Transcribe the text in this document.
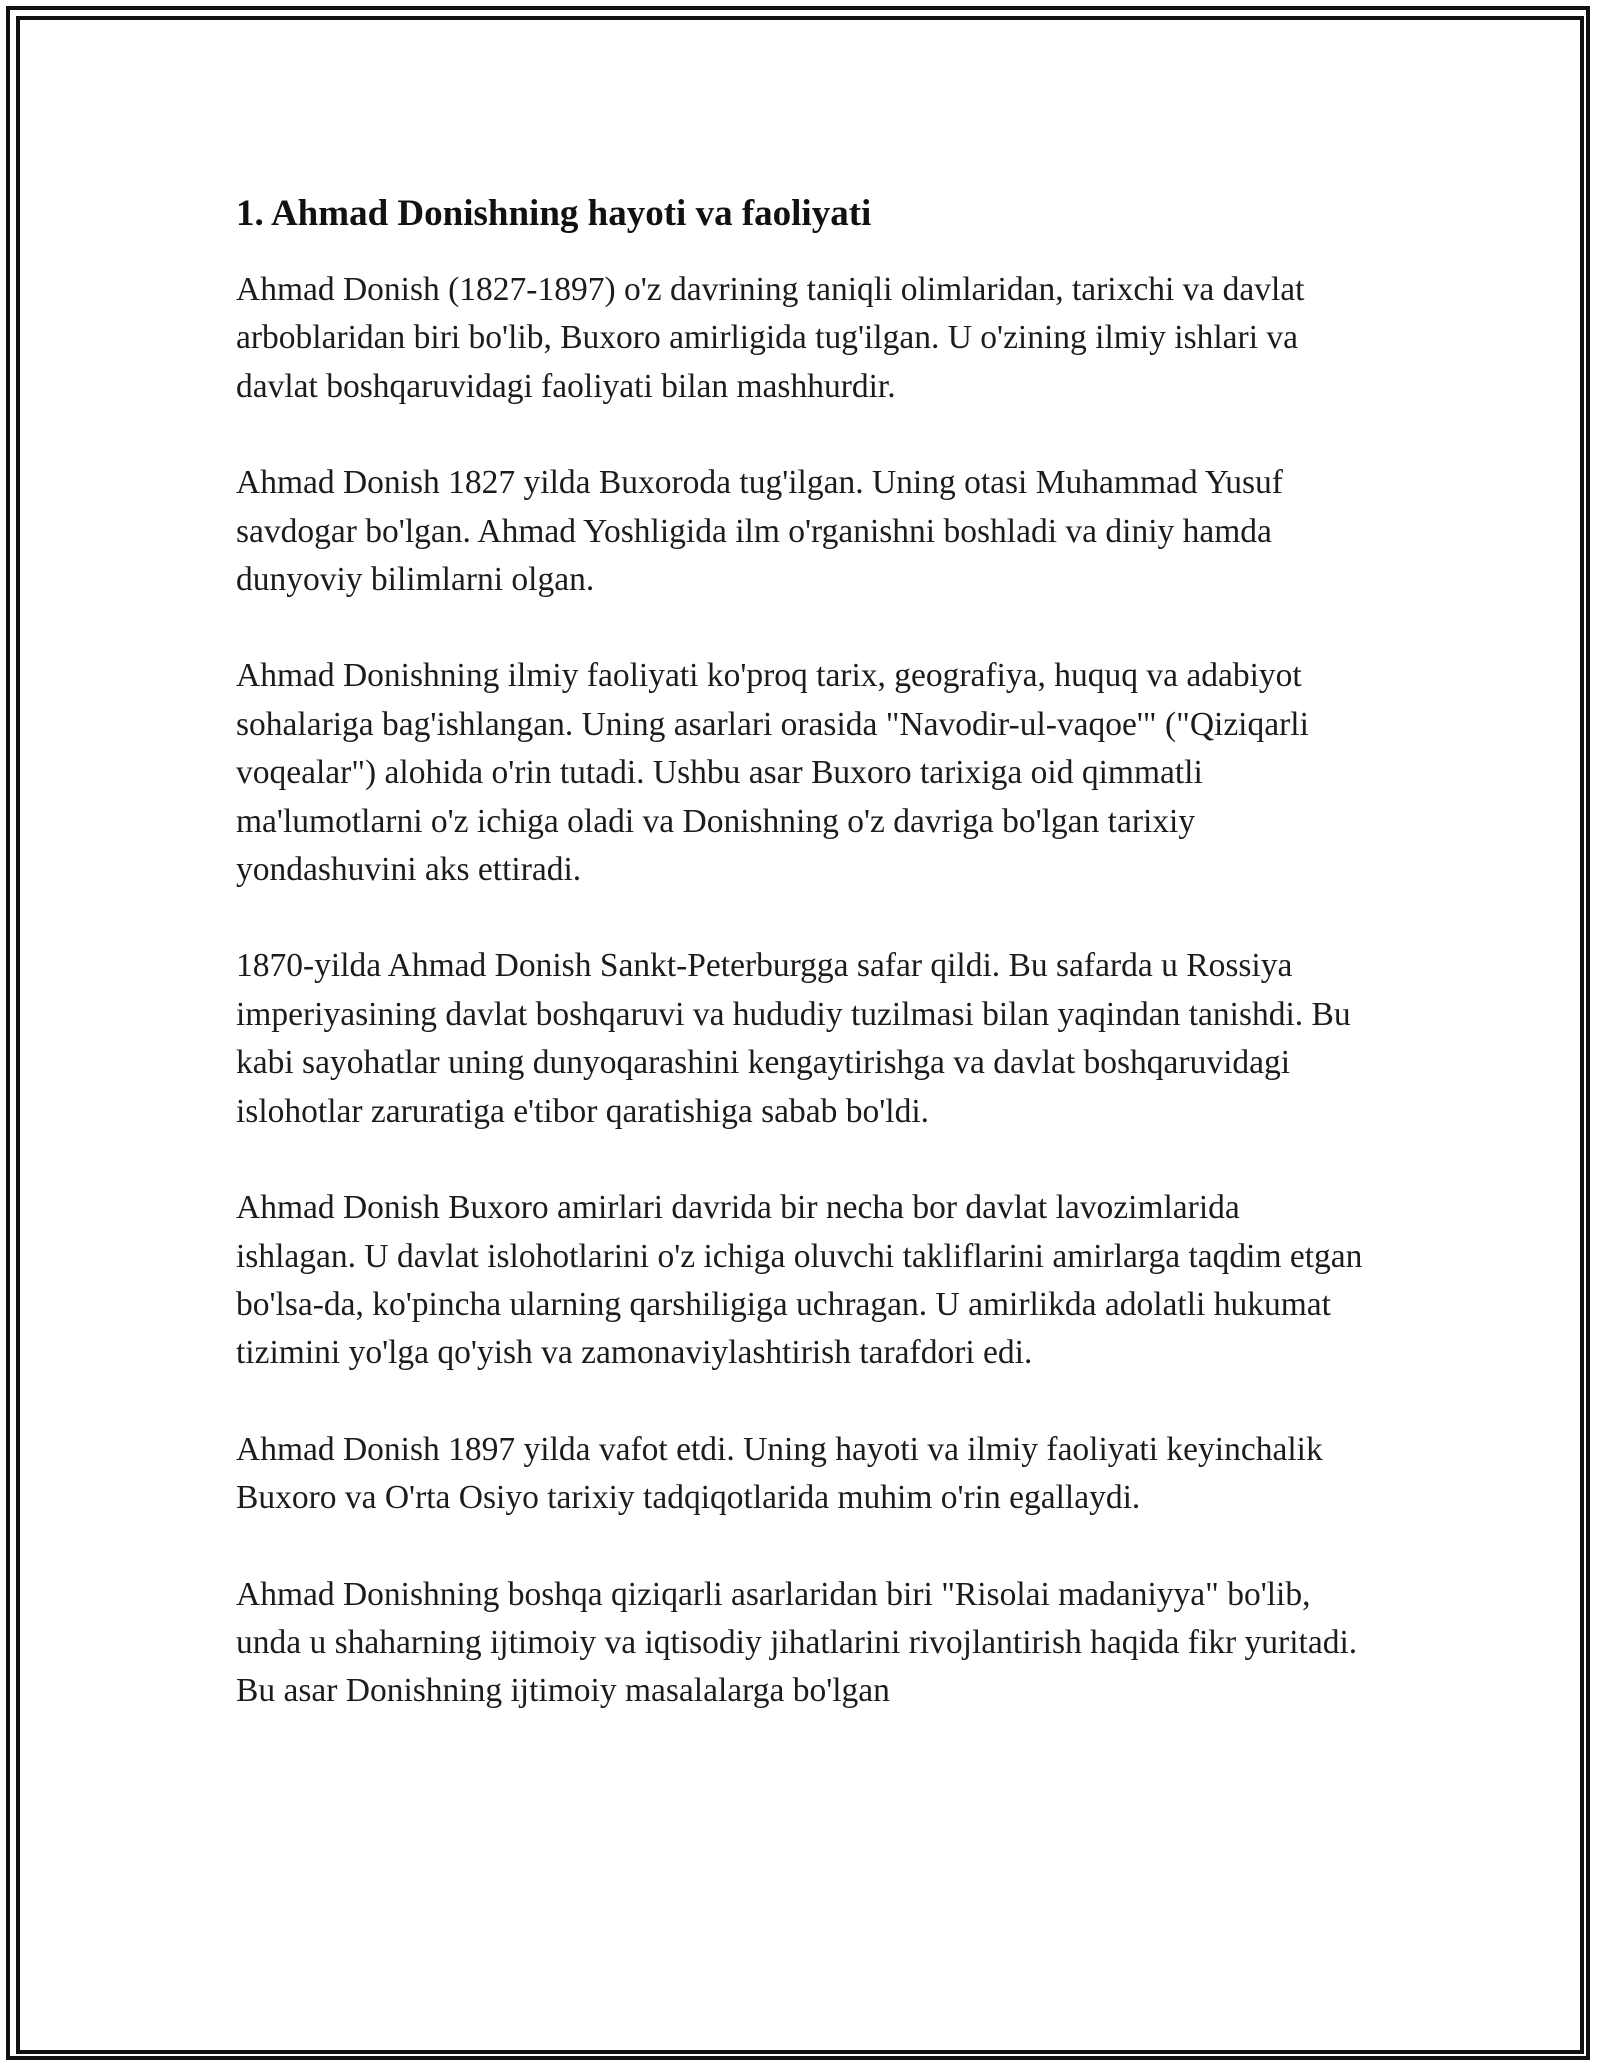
1. Ahmad Donishning hayoti va faoliyati

Ahmad Donish (1827-1897) o'z davrining taniqli olimlaridan, tarixchi va davlat arboblaridan biri bo'lib, Buxoro amirligida tug'ilgan. U o'zining ilmiy ishlari va davlat boshqaruvidagi faoliyati bilan mashhurdir.

Ahmad Donish 1827 yilda Buxoroda tug'ilgan. Uning otasi Muhammad Yusuf savdogar bo'lgan. Ahmad Yoshligida ilm o'rganishni boshladi va diniy hamda dunyoviy bilimlarni olgan.

Ahmad Donishning ilmiy faoliyati ko'proq tarix, geografiya, huquq va adabiyot sohalariga bag'ishlangan. Uning asarlari orasida "Navodir-ul-vaqoe'" ("Qiziqarli voqealar") alohida o'rin tutadi. Ushbu asar Buxoro tarixiga oid qimmatli ma'lumotlarni o'z ichiga oladi va Donishning o'z davriga bo'lgan tarixiy yondashuvini aks ettiradi.

1870-yilda Ahmad Donish Sankt-Peterburgga safar qildi. Bu safarda u Rossiya imperiyasining davlat boshqaruvi va hududiy tuzilmasi bilan yaqindan tanishdi. Bu kabi sayohatlar uning dunyoqarashini kengaytirishga va davlat boshqaruvidagi islohotlar zaruratiga e'tibor qaratishiga sabab bo'ldi.

Ahmad Donish Buxoro amirlari davrida bir necha bor davlat lavozimlarida ishlagan. U davlat islohotlarini o'z ichiga oluvchi takliflarini amirlarga taqdim etgan bo'lsa-da, ko'pincha ularning qarshiligiga uchragan. U amirlikda adolatli hukumat tizimini yo'lga qo'yish va zamonaviylashtirish tarafdori edi.

Ahmad Donish 1897 yilda vafot etdi. Uning hayoti va ilmiy faoliyati keyinchalik Buxoro va O'rta Osiyo tarixiy tadqiqotlarida muhim o'rin egallaydi.

Ahmad Donishning boshqa qiziqarli asarlaridan biri "Risolai madaniyya" bo'lib, unda u shaharning ijtimoiy va iqtisodiy jihatlarini rivojlantirish haqida fikr yuritadi. Bu asar Donishning ijtimoiy masalalarga bo'lgan
